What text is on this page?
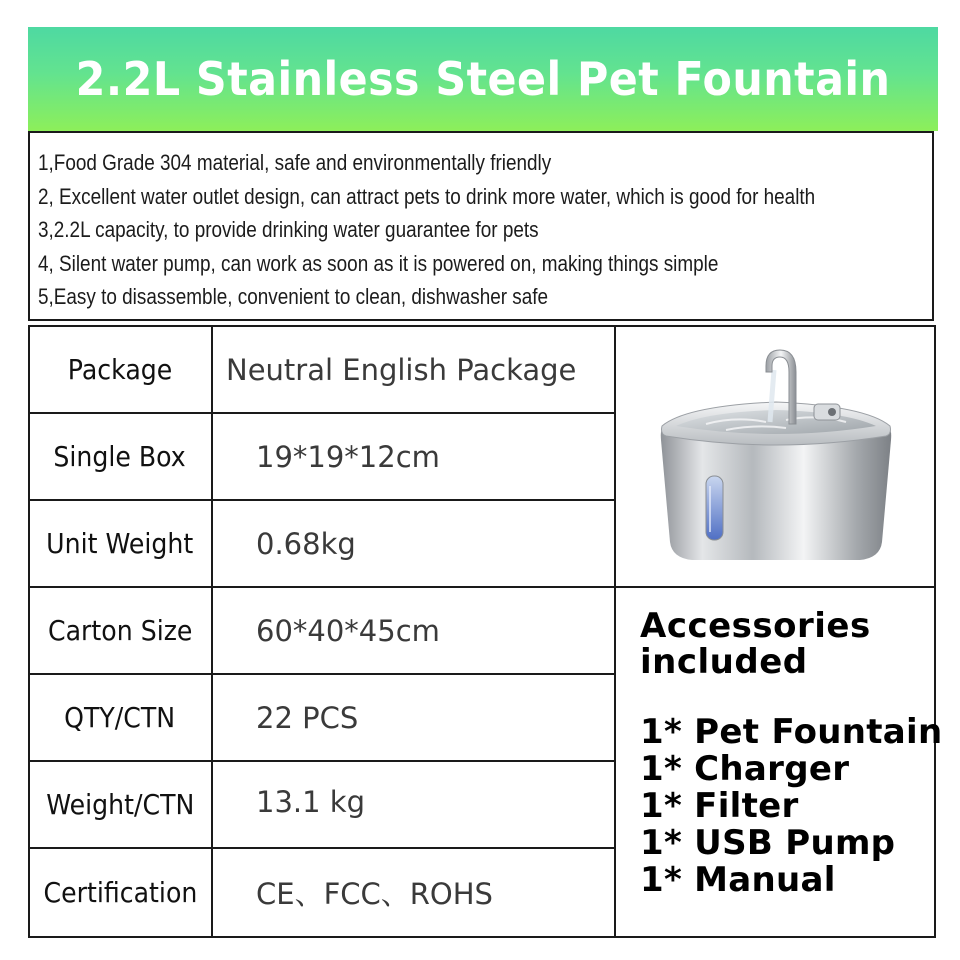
2.2L Stainless Steel Pet Fountain
1,Food Grade 304 material, safe and environmentally friendly
2, Excellent water outlet design, can attract pets to drink more water, which is good for health
3,2.2L capacity, to provide drinking water guarantee for pets
4, Silent water pump, can work as soon as it is powered on, making things simple
5,Easy to disassemble, convenient to clean, dishwasher safe
Package
Single Box
Unit Weight
Carton Size
QTY/CTN
Weight/CTN
Certification
Neutral English Package
19*19*12cm
0.68kg
60*40*45cm
22 PCS
13.1 kg
CE、FCC、ROHS
Accessories included
1* Pet Fountain
1* Charger
1* Filter
1* USB Pump
1* Manual
